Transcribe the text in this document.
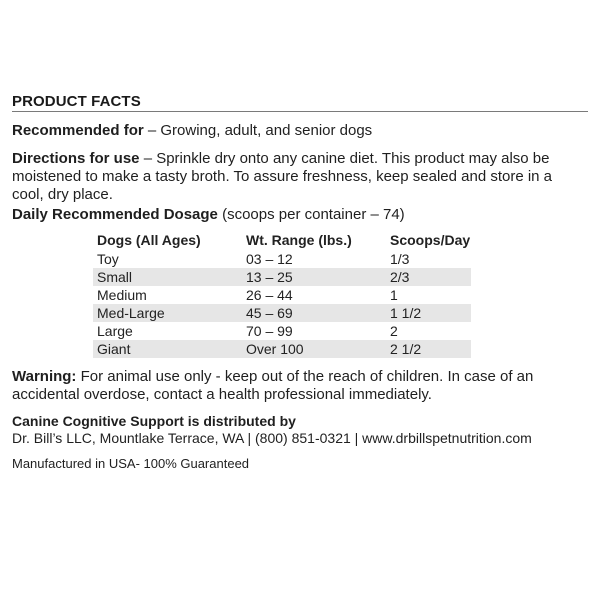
PRODUCT FACTS
Recommended for – Growing, adult, and senior dogs
Directions for use – Sprinkle dry onto any canine diet. This product may also be moistened to make a tasty broth. To assure freshness, keep sealed and store in a cool, dry place.
Daily Recommended Dosage (scoops per container – 74)
Dogs (All Ages)	Wt. Range (lbs.)	Scoops/Day
Toy	03 – 12	1/3
Small	13 – 25	2/3
Medium	26 – 44	1
Med-Large	45 – 69	1 1/2
Large	70 – 99	2
Giant	Over 100	2 1/2
Warning: For animal use only - keep out of the reach of children. In case of an accidental overdose, contact a health professional immediately.
Canine Cognitive Support is distributed by
Dr. Bill’s LLC, Mountlake Terrace, WA | (800) 851-0321 | www.drbillspetnutrition.com
Manufactured in USA- 100% Guaranteed
